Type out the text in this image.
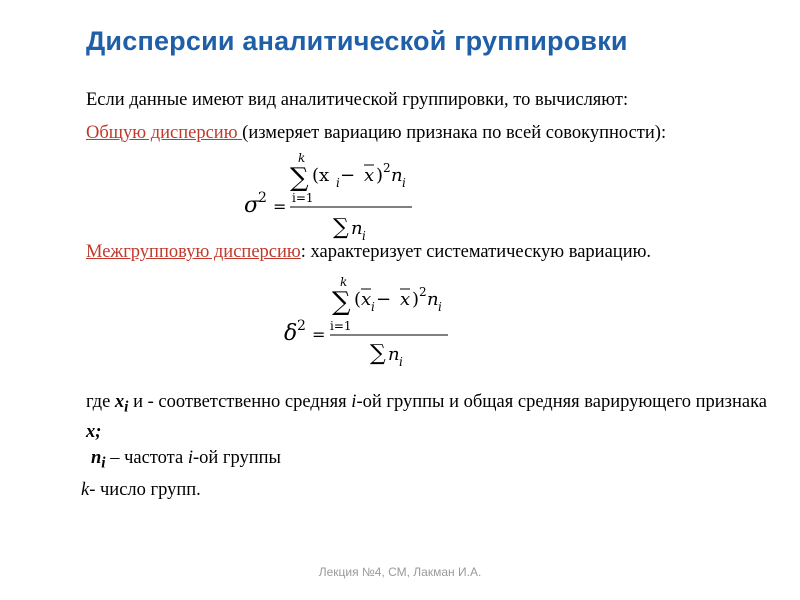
Дисперсии аналитической группировки
Если данные имеют вид аналитической группировки, то вычисляют:
Общую дисперсию (измеряет вариацию признака по всей совокупности):
σ
2 =
k
∑
i=1
(x i − x ) 2 n i
∑ n i
Межгрупповую дисперсию: характеризует систематическую вариацию.
δ 2 =
k
∑
i=1
( x i − x ) 2 n i
∑ n i
где $x_i$ и - соответственно средняя i-ой группы и общая средняя варирующего признака x;
$n_i$ – частота i-ой группы
k- число групп.
Лекция №4, СМ, Лакман И.А.
